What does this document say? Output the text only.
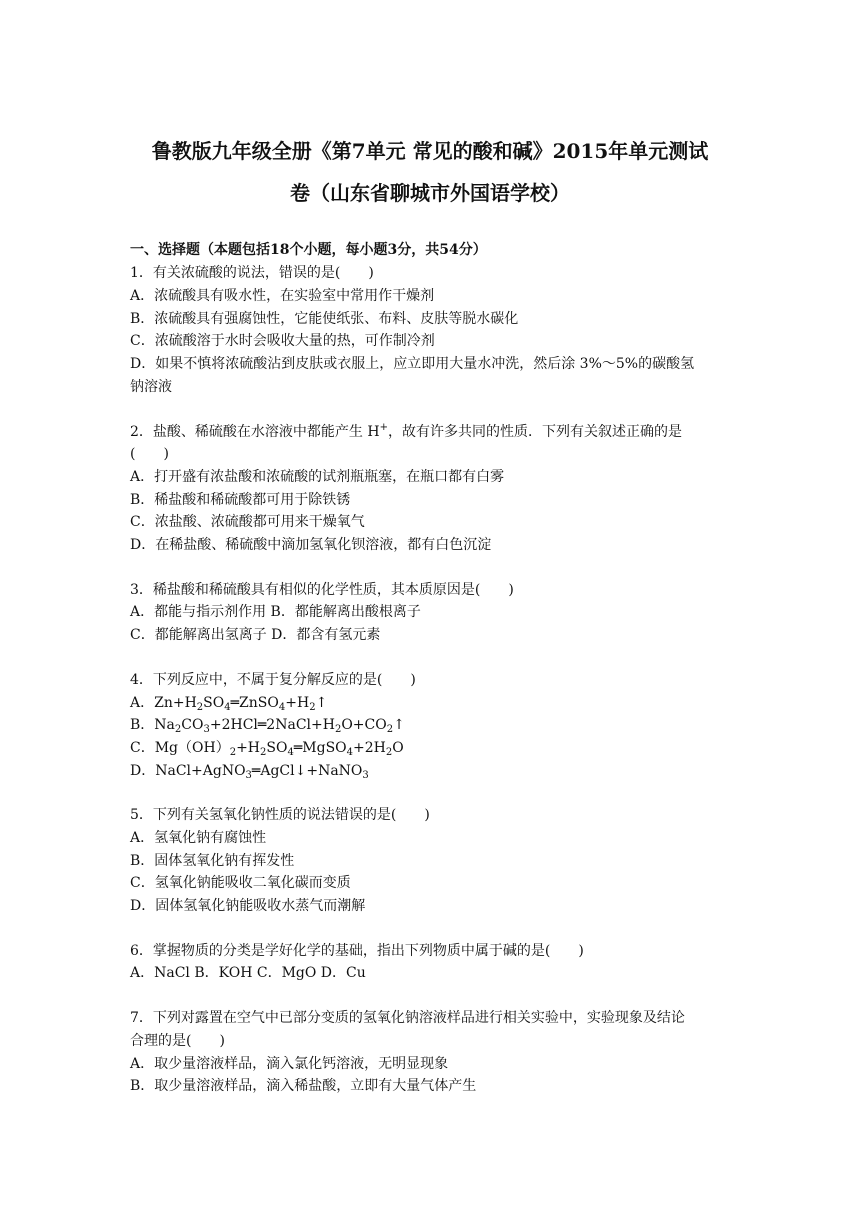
鲁教版九年级全册《第7单元 常见的酸和碱》2015年单元测试
卷（山东省聊城市外国语学校）
一、选择题（本题包括18个小题，每小题3分，共54分）
1．有关浓硫酸的说法，错误的是(　　)
A．浓硫酸具有吸水性，在实验室中常用作干燥剂
B．浓硫酸具有强腐蚀性，它能使纸张、布料、皮肤等脱水碳化
C．浓硫酸溶于水时会吸收大量的热，可作制冷剂
D．如果不慎将浓硫酸沾到皮肤或衣服上，应立即用大量水冲洗，然后涂 3%～5%的碳酸氢
钠溶液
2．盐酸、稀硫酸在水溶液中都能产生 H+，故有许多共同的性质．下列有关叙述正确的是
(　　)
A．打开盛有浓盐酸和浓硫酸的试剂瓶瓶塞，在瓶口都有白雾
B．稀盐酸和稀硫酸都可用于除铁锈
C．浓盐酸、浓硫酸都可用来干燥氧气
D．在稀盐酸、稀硫酸中滴加氢氧化钡溶液，都有白色沉淀
3．稀盐酸和稀硫酸具有相似的化学性质，其本质原因是(　　)
A．都能与指示剂作用 B．都能解离出酸根离子
C．都能解离出氢离子 D．都含有氢元素
4．下列反应中，不属于复分解反应的是(　　)
A．$Zn+H_2SO_4═ZnSO_4+H_2↑$
B．$Na_2CO_3+2HCl═2NaCl+H_2O+CO_2↑$
C．$Mg(OH)_2+H_2SO_4═MgSO_4+2H_2O$
D．NaCl+AgNO$_3$═AgCl↓+NaNO$_3$
5．下列有关氢氧化钠性质的说法错误的是(　　)
A．氢氧化钠有腐蚀性
B．固体氢氧化钠有挥发性
C．氢氧化钠能吸收二氧化碳而变质
D．固体氢氧化钠能吸收水蒸气而潮解
6．掌握物质的分类是学好化学的基础，指出下列物质中属于碱的是(　　)
A．NaCl B．KOH C．MgO D．Cu
7．下列对露置在空气中已部分变质的氢氧化钠溶液样品进行相关实验中，实验现象及结论
合理的是(　　)
A．取少量溶液样品，滴入氯化钙溶液，无明显现象
B．取少量溶液样品，滴入稀盐酸，立即有大量气体产生
